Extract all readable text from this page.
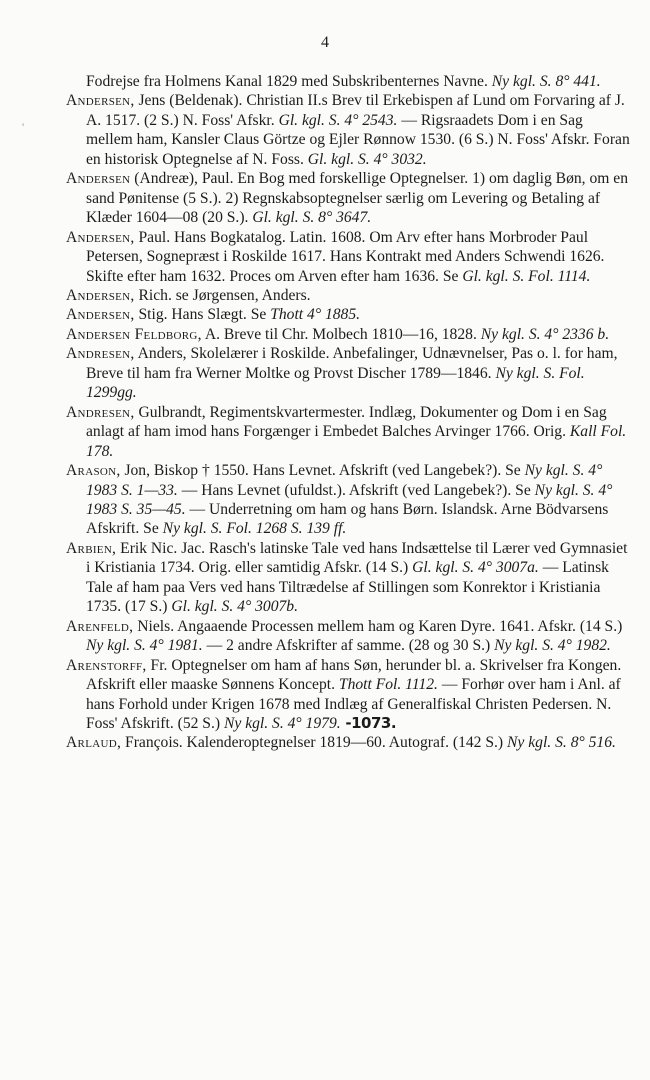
'
4

Fodrejse fra Holmens Kanal 1829 med Subskribenternes Navne. Ny kgl. S. 8° 441.

Andersen, Jens (Beldenak). Christian II.s Brev til Erkebispen af Lund om Forvaring af J. A. 1517. (2 S.) N. Foss' Afskr. Gl. kgl. S. 4° 2543. — Rigsraadets Dom i en Sag mellem ham, Kansler Claus Görtze og Ejler Rønnow 1530. (6 S.) N. Foss' Afskr. Foran en historisk Optegnelse af N. Foss. Gl. kgl. S. 4° 3032.

Andersen (Andreæ), Paul. En Bog med forskellige Optegnelser. 1) om daglig Bøn, om en sand Pønitense (5 S.). 2) Regnskabsoptegnelser særlig om Levering og Betaling af Klæder 1604—08 (20 S.). Gl. kgl. S. 8° 3647.

Andersen, Paul. Hans Bogkatalog. Latin. 1608. Om Arv efter hans Morbroder Paul Petersen, Sognepræst i Roskilde 1617. Hans Kontrakt med Anders Schwendi 1626. Skifte efter ham 1632. Proces om Arven efter ham 1636. Se Gl. kgl. S. Fol. 1114.

Andersen, Rich. se Jørgensen, Anders.

Andersen, Stig. Hans Slægt. Se Thott 4° 1885.

Andersen Feldborg, A. Breve til Chr. Molbech 1810—16, 1828. Ny kgl. S. 4° 2336 b.

Andresen, Anders, Skolelærer i Roskilde. Anbefalinger, Udnævnelser, Pas o. l. for ham, Breve til ham fra Werner Moltke og Provst Discher 1789—1846. Ny kgl. S. Fol. 1299gg.

Andresen, Gulbrandt, Regimentskvartermester. Indlæg, Dokumenter og Dom i en Sag anlagt af ham imod hans Forgænger i Embedet Balches Arvinger 1766. Orig. Kall Fol. 178.

Arason, Jon, Biskop † 1550. Hans Levnet. Afskrift (ved Langebek?). Se Ny kgl. S. 4° 1983 S. 1—33. — Hans Levnet (ufuldst.). Afskrift (ved Langebek?). Se Ny kgl. S. 4° 1983 S. 35—45. — Underretning om ham og hans Børn. Islandsk. Arne Bödvarsens Afskrift. Se Ny kgl. S. Fol. 1268 S. 139 ff.

Arbien, Erik Nic. Jac. Rasch's latinske Tale ved hans Indsættelse til Lærer ved Gymnasiet i Kristiania 1734. Orig. eller samtidig Afskr. (14 S.) Gl. kgl. S. 4° 3007a. — Latinsk Tale af ham paa Vers ved hans Tiltrædelse af Stillingen som Konrektor i Kristiania 1735. (17 S.) Gl. kgl. S. 4° 3007b.

Arenfeld, Niels. Angaaende Processen mellem ham og Karen Dyre. 1641. Afskr. (14 S.) Ny kgl. S. 4° 1981. — 2 andre Afskrifter af samme. (28 og 30 S.) Ny kgl. S. 4° 1982.

Arenstorff, Fr. Optegnelser om ham af hans Søn, herunder bl. a. Skrivelser fra Kongen. Afskrift eller maaske Sønnens Koncept. Thott Fol. 1112. — Forhør over ham i Anl. af hans Forhold under Krigen 1678 med Indlæg af Generalfiskal Christen Pedersen. N. Foss' Afskrift. (52 S.) Ny kgl. S. 4° 1979. -1073.

Arlaud, François. Kalenderoptegnelser 1819—60. Autograf. (142 S.) Ny kgl. S. 8° 516.
